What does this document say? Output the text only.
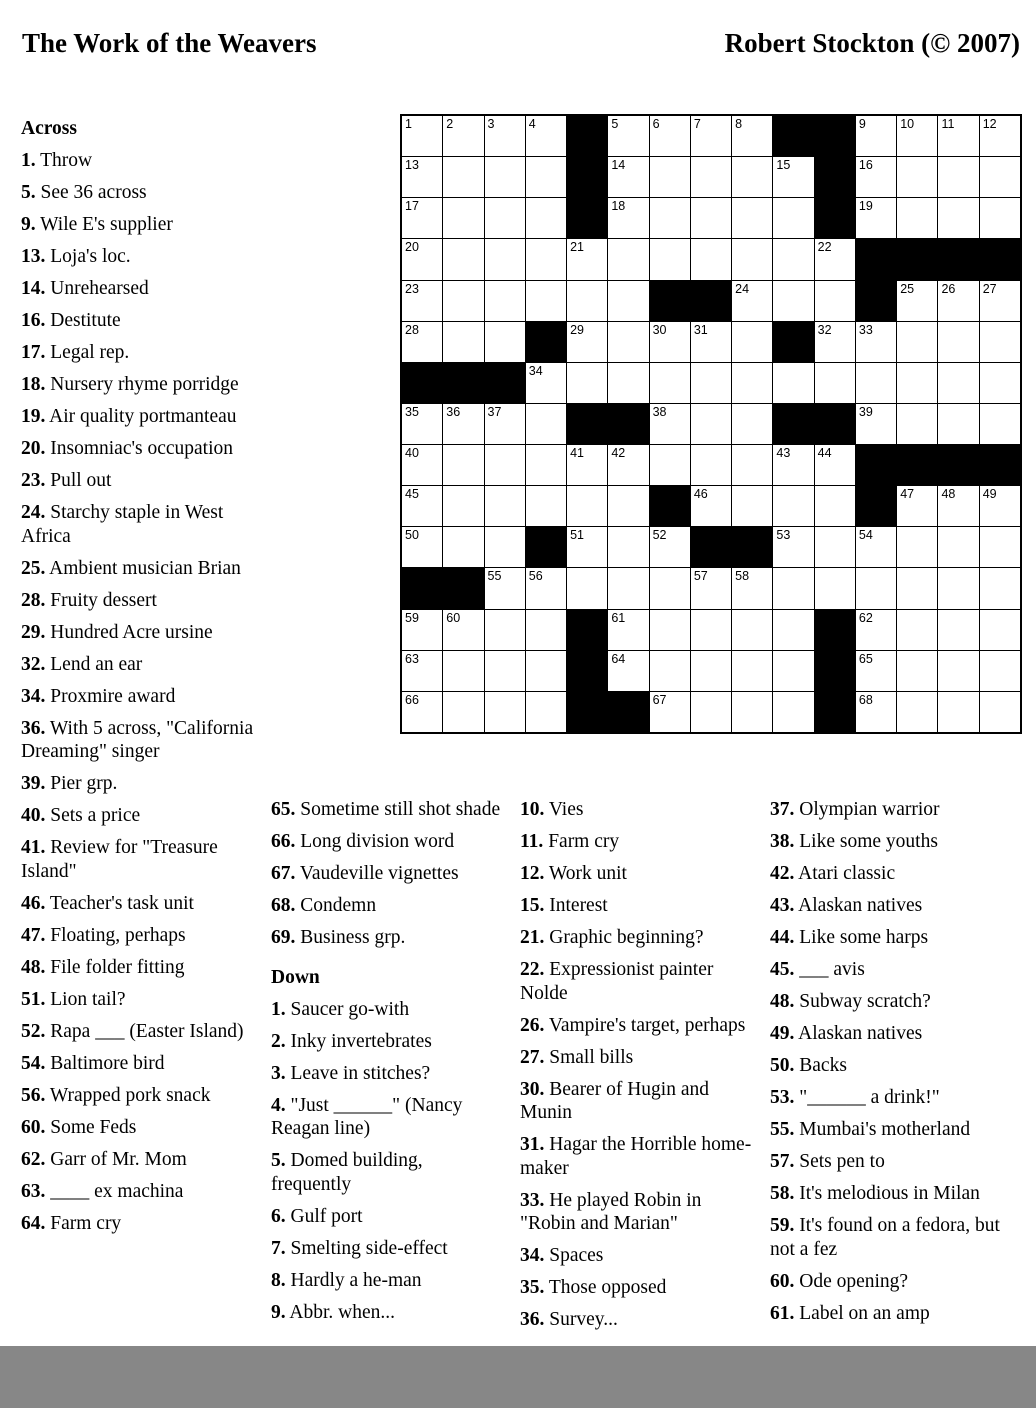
The Work of the Weavers	Robert Stockton (© 2007)
1	2	3	4	5	6	7	8	9	10 11 12
13	14	15	16
17	18	19
20	21	22
23	24	25 26 27
28	29	30 31	32 33
34
35 36 37	38	39
40	41 42	43 44
45	46	47 48 49
50	51	52	53	54
55 56	57 58
59 60	61	62
63	64	65
66	67	68
Across
1. Throw
5. See 36 across
9. Wile E's supplier
13. Loja's loc.
14. Unrehearsed
16. Destitute
17. Legal rep.
18. Nursery rhyme porridge
19. Air quality portmanteau
20. Insomniac's occupation
23. Pull out
24. Starchy staple in West Africa
25. Ambient musician Brian
28. Fruity dessert
29. Hundred Acre ursine
32. Lend an ear
34. Proxmire award
36. With 5 across, "California Dreaming" singer
39. Pier grp.
40. Sets a price
41. Review for "Treasure Island"
46. Teacher's task unit
47. Floating, perhaps
48. File folder fitting
51. Lion tail?
52. Rapa ___ (Easter Island)
54. Baltimore bird
56. Wrapped pork snack
60. Some Feds
62. Garr of Mr. Mom
63. ____ ex machina
64. Farm cry
65. Sometime still shot shade
66. Long division word
67. Vaudeville vignettes
68. Condemn
69. Business grp.
Down
1. Saucer go-with
2. Inky invertebrates
3. Leave in stitches?
4. "Just ______" (Nancy Reagan line)
5. Domed building, frequently
6. Gulf port
7. Smelting side-effect
8. Hardly a he-man
9. Abbr. when...
10. Vies
11. Farm cry
12. Work unit
15. Interest
21. Graphic beginning?
22. Expressionist painter Nolde
26. Vampire's target, perhaps
27. Small bills
30. Bearer of Hugin and Munin
31. Hagar the Horrible home-maker
33. He played Robin in "Robin and Marian"
34. Spaces
35. Those opposed
36. Survey...
37. Olympian warrior
38. Like some youths
42. Atari classic
43. Alaskan natives
44. Like some harps
45. ___ avis
48. Subway scratch?
49. Alaskan natives
50. Backs
53. "______ a drink!"
55. Mumbai's motherland
57. Sets pen to
58. It's melodious in Milan
59. It's found on a fedora, but not a fez
60. Ode opening?
61. Label on an amp
